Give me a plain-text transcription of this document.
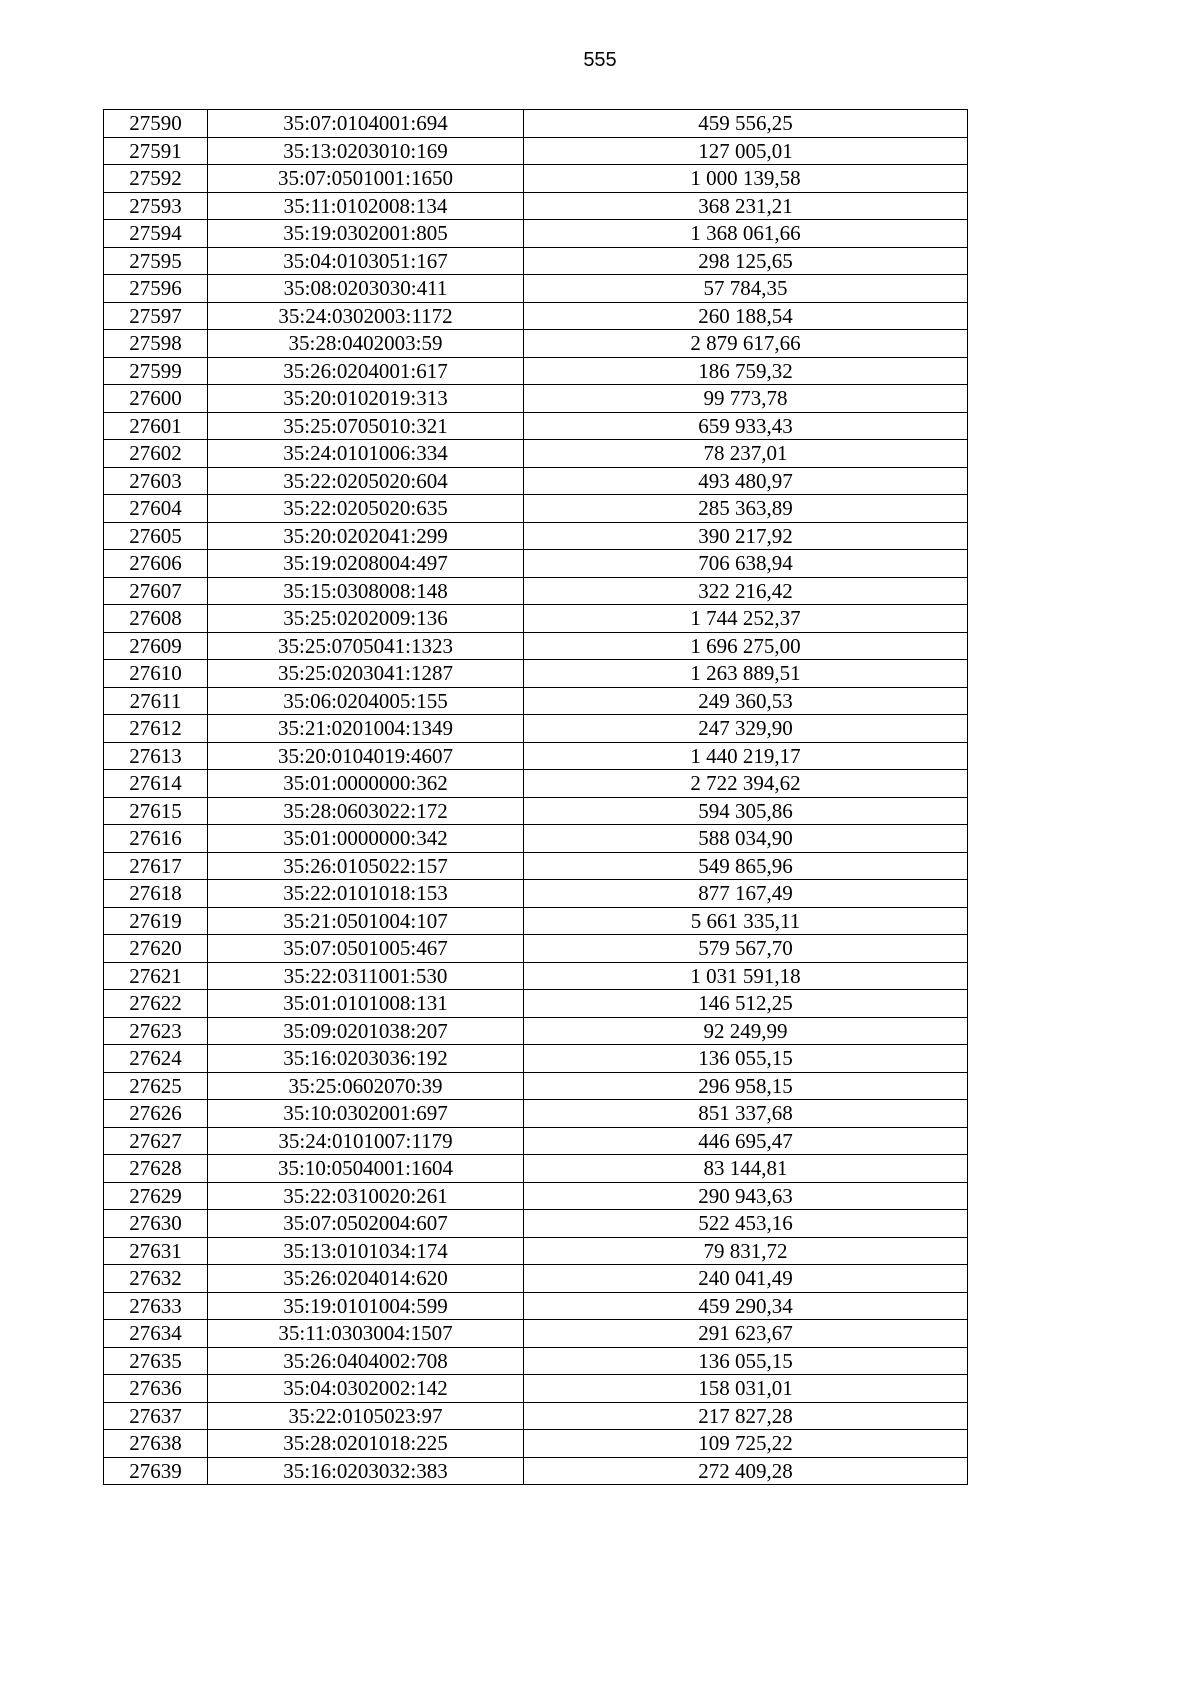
555
27590	35:07:0104001:694	459 556,25
27591	35:13:0203010:169	127 005,01
27592	35:07:0501001:1650	1 000 139,58
27593	35:11:0102008:134	368 231,21
27594	35:19:0302001:805	1 368 061,66
27595	35:04:0103051:167	298 125,65
27596	35:08:0203030:411	57 784,35
27597	35:24:0302003:1172	260 188,54
27598	35:28:0402003:59	2 879 617,66
27599	35:26:0204001:617	186 759,32
27600	35:20:0102019:313	99 773,78
27601	35:25:0705010:321	659 933,43
27602	35:24:0101006:334	78 237,01
27603	35:22:0205020:604	493 480,97
27604	35:22:0205020:635	285 363,89
27605	35:20:0202041:299	390 217,92
27606	35:19:0208004:497	706 638,94
27607	35:15:0308008:148	322 216,42
27608	35:25:0202009:136	1 744 252,37
27609	35:25:0705041:1323	1 696 275,00
27610	35:25:0203041:1287	1 263 889,51
27611	35:06:0204005:155	249 360,53
27612	35:21:0201004:1349	247 329,90
27613	35:20:0104019:4607	1 440 219,17
27614	35:01:0000000:362	2 722 394,62
27615	35:28:0603022:172	594 305,86
27616	35:01:0000000:342	588 034,90
27617	35:26:0105022:157	549 865,96
27618	35:22:0101018:153	877 167,49
27619	35:21:0501004:107	5 661 335,11
27620	35:07:0501005:467	579 567,70
27621	35:22:0311001:530	1 031 591,18
27622	35:01:0101008:131	146 512,25
27623	35:09:0201038:207	92 249,99
27624	35:16:0203036:192	136 055,15
27625	35:25:0602070:39	296 958,15
27626	35:10:0302001:697	851 337,68
27627	35:24:0101007:1179	446 695,47
27628	35:10:0504001:1604	83 144,81
27629	35:22:0310020:261	290 943,63
27630	35:07:0502004:607	522 453,16
27631	35:13:0101034:174	79 831,72
27632	35:26:0204014:620	240 041,49
27633	35:19:0101004:599	459 290,34
27634	35:11:0303004:1507	291 623,67
27635	35:26:0404002:708	136 055,15
27636	35:04:0302002:142	158 031,01
27637	35:22:0105023:97	217 827,28
27638	35:28:0201018:225	109 725,22
27639	35:16:0203032:383	272 409,28
